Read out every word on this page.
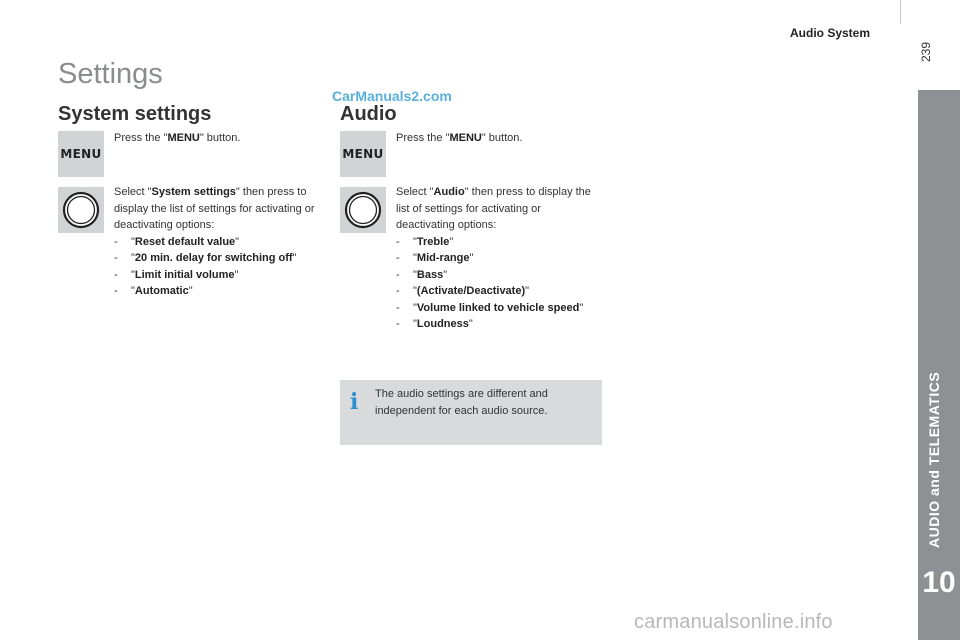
Audio System
239
AUDIO and TELEMATICS
10
Settings
CarManuals2.com
System settings
MENU
Press the "MENU" button.
Select "System settings" then press to display the list of settings for activating or deactivating options:
-	"Reset default value"
-	"20 min. delay for switching off"
-	"Limit initial volume"
-	"Automatic"
Audio
MENU
Press the "MENU" button.
Select "Audio" then press to display the list of settings for activating or deactivating options:
-	"Treble"
-	"Mid-range"
-	"Bass"
-	"(Activate/Deactivate)"
-	"Volume linked to vehicle speed"
-	"Loudness"
i The audio settings are different and independent for each audio source.
carmanualsonline.info
